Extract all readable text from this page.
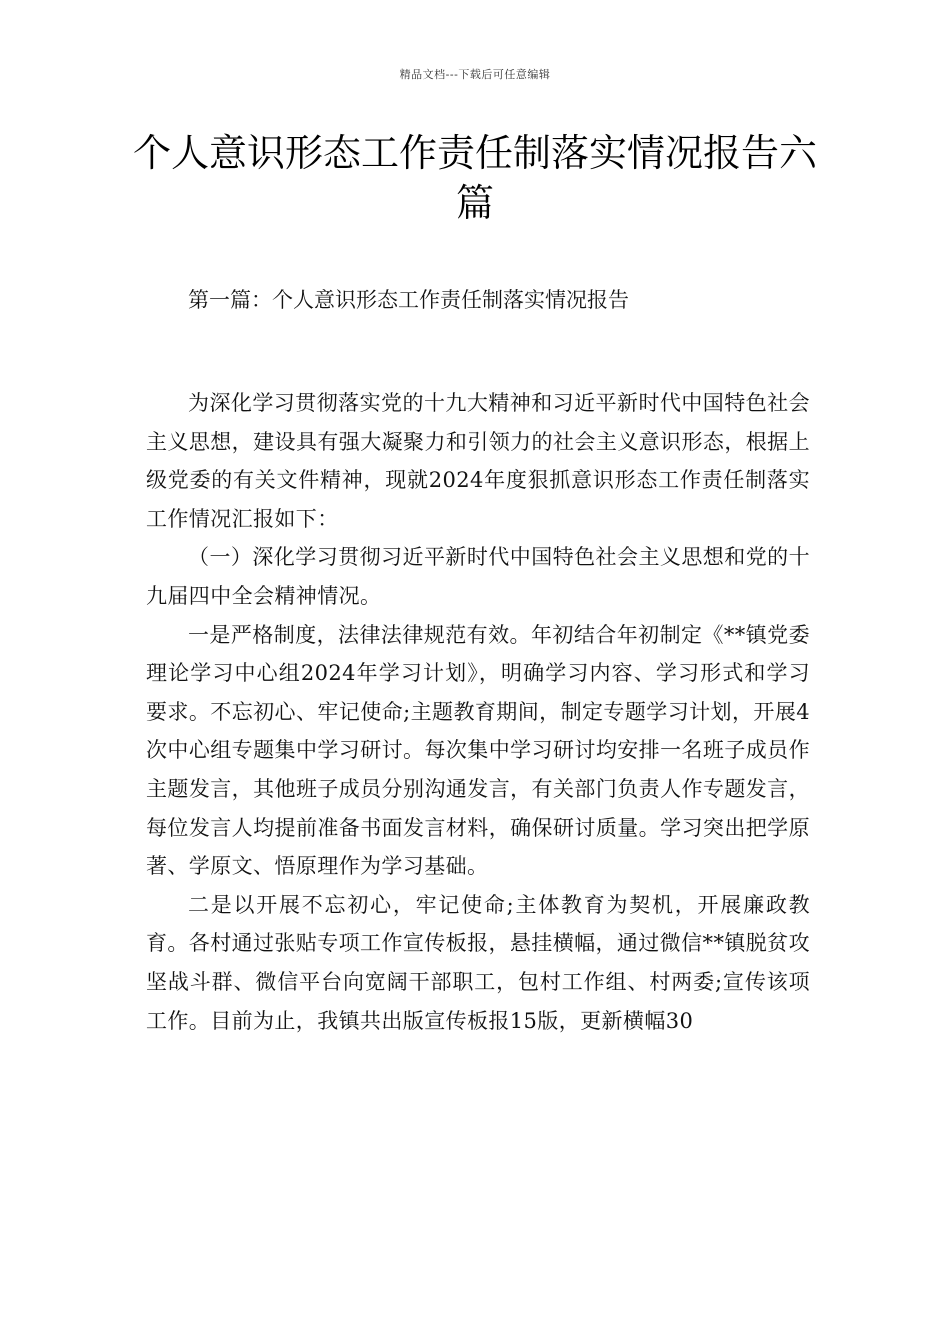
精品文档---下载后可任意编辑
个人意识形态工作责任制落实情况报告六篇
第一篇：个人意识形态工作责任制落实情况报告

为深化学习贯彻落实党的十九大精神和习近平新时代中国特色社会主义思想，建设具有强大凝聚力和引领力的社会主义意识形态，根据上级党委的有关文件精神，现就2024年度狠抓意识形态工作责任制落实工作情况汇报如下：

（一）深化学习贯彻习近平新时代中国特色社会主义思想和党的十九届四中全会精神情况。

一是严格制度，法律法律规范有效。年初结合年初制定《**镇党委理论学习中心组2024年学习计划》，明确学习内容、学习形式和学习要求。不忘初心、牢记使命;主题教育期间，制定专题学习计划，开展4次中心组专题集中学习研讨。每次集中学习研讨均安排一名班子成员作主题发言，其他班子成员分别沟通发言，有关部门负责人作专题发言，每位发言人均提前准备书面发言材料，确保研讨质量。学习突出把学原著、学原文、悟原理作为学习基础。

二是以开展不忘初心，牢记使命;主体教育为契机，开展廉政教育。各村通过张贴专项工作宣传板报，悬挂横幅，通过微信**镇脱贫攻坚战斗群、微信平台向宽阔干部职工，包村工作组、村两委;宣传该项工作。目前为止，我镇共出版宣传板报15版，更新横幅30
